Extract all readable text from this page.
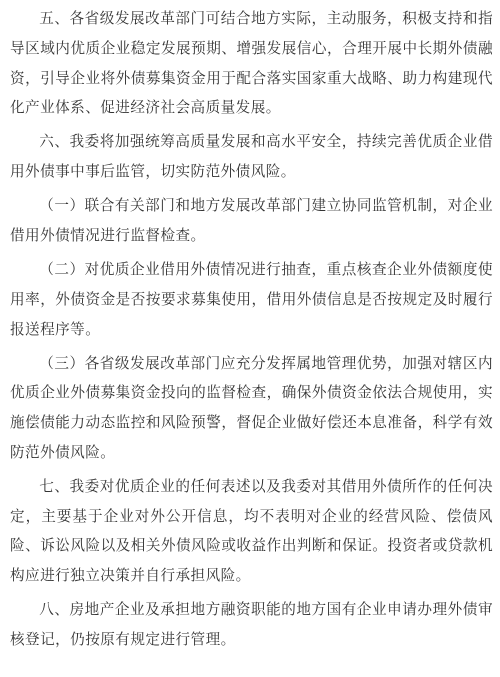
五、各省级发展改革部门可结合地方实际，主动服务，积极支持和指导区域内优质企业稳定发展预期、增强发展信心，合理开展中长期外债融资，引导企业将外债募集资金用于配合落实国家重大战略、助力构建现代化产业体系、促进经济社会高质量发展。

六、我委将加强统筹高质量发展和高水平安全，持续完善优质企业借用外债事中事后监管，切实防范外债风险。

（一）联合有关部门和地方发展改革部门建立协同监管机制，对企业借用外债情况进行监督检查。

（二）对优质企业借用外债情况进行抽查，重点核查企业外债额度使用率，外债资金是否按要求募集使用，借用外债信息是否按规定及时履行报送程序等。

（三）各省级发展改革部门应充分发挥属地管理优势，加强对辖区内优质企业外债募集资金投向的监督检查，确保外债资金依法合规使用，实施偿债能力动态监控和风险预警，督促企业做好偿还本息准备，科学有效防范外债风险。

七、我委对优质企业的任何表述以及我委对其借用外债所作的任何决定，主要基于企业对外公开信息，均不表明对企业的经营风险、偿债风险、诉讼风险以及相关外债风险或收益作出判断和保证。投资者或贷款机构应进行独立决策并自行承担风险。

八、房地产企业及承担地方融资职能的地方国有企业申请办理外债审核登记，仍按原有规定进行管理。
